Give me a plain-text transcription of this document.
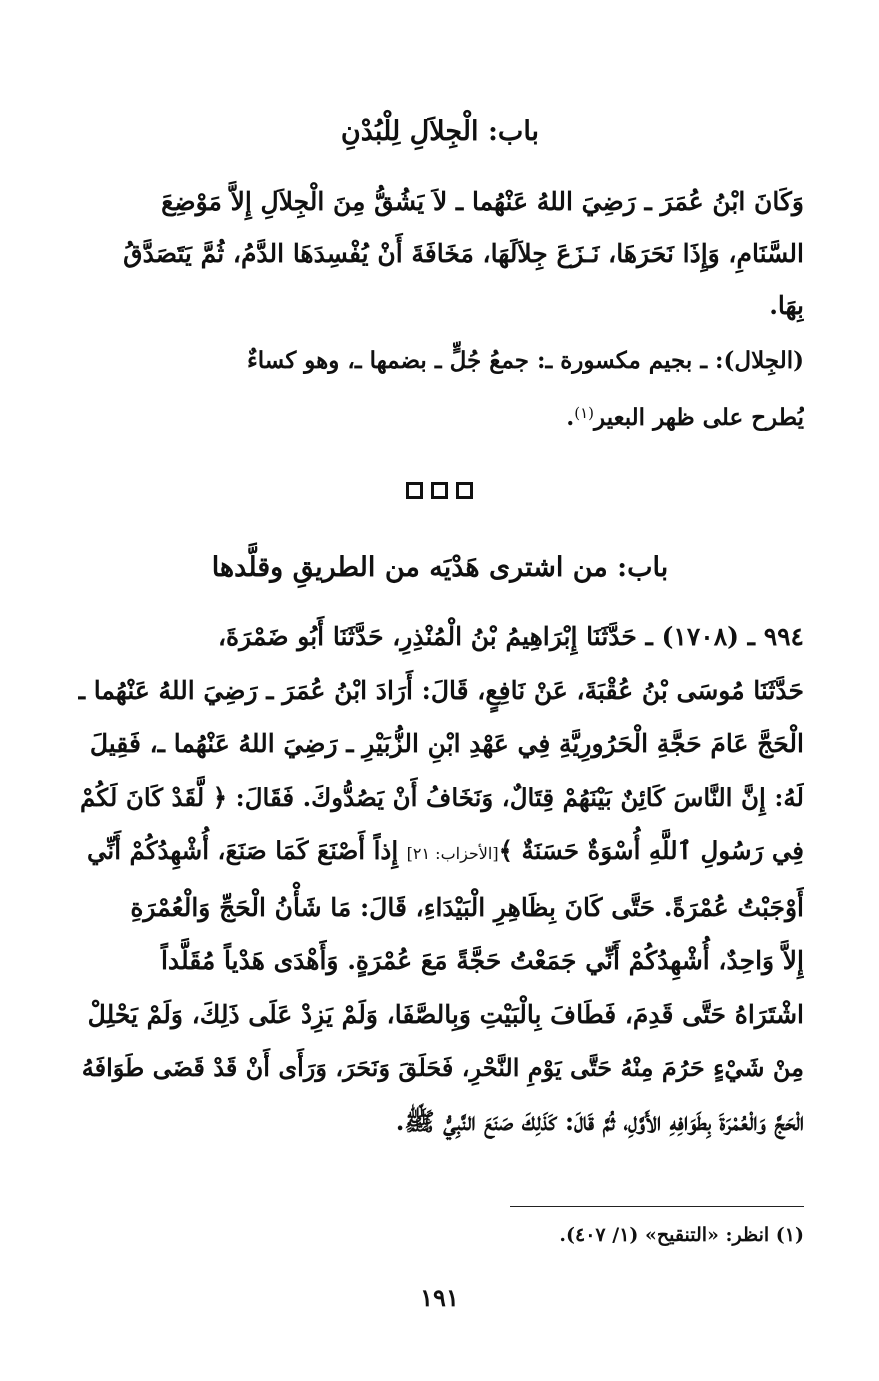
باب: الْجِلاَلِ لِلْبُدْنِ
وَكَانَ ابْنُ عُمَرَ ـ رَضِيَ اللهُ عَنْهُما ـ لاَ يَشُقُّ مِنَ الْجِلاَلِ إِلاَّ مَوْضِعَ
السَّنَامِ، وَإِذَا نَحَرَهَا، نَـزَعَ جِلاَلَهَا، مَخَافَةَ أَنْ يُفْسِدَهَا الدَّمُ، ثُمَّ يَتَصَدَّقُ
بِهَا.
(الجِلال): ـ بجيم مكسورة ـ: جمعُ جُلٍّ ـ بضمها ـ، وهو كساءٌ
يُطرح على ظهر البعير$^{(١)}$.
باب: من اشترى هَدْيَه من الطريقِ وقلَّدها
٩٩٤ ـ (١٧٠٨) ـ حَدَّثَنَا إِبْرَاهِيمُ بْنُ الْمُنْذِرِ، حَدَّثَنَا أَبُو ضَمْرَةَ،
حَدَّثَنَا مُوسَى بْنُ عُقْبَةَ، عَنْ نَافِعٍ، قَالَ: أَرَادَ ابْنُ عُمَرَ ـ رَضِيَ اللهُ عَنْهُما ـ
الْحَجَّ عَامَ حَجَّةِ الْحَرُورِيَّةِ فِي عَهْدِ ابْنِ الزُّبَيْرِ ـ رَضِيَ اللهُ عَنْهُما ـ، فَقِيلَ
لَهُ: إِنَّ النَّاسَ كَائِنٌ بَيْنَهُمْ قِتَالٌ، وَنَخَافُ أَنْ يَصُدُّوكَ. فَقَالَ: ﴿ لَّقَدْ كَانَ لَكُمْ
فِي رَسُولِ ٱللَّهِ أُسْوَةٌ حَسَنَةٌ ﴾[الأحزاب: ٢١] إِذاً أَصْنَعَ كَمَا صَنَعَ، أُشْهِدُكُمْ أَنِّي
أَوْجَبْتُ عُمْرَةً. حَتَّى كَانَ بِظَاهِرِ الْبَيْدَاءِ، قَالَ: مَا شَأْنُ الْحَجِّ وَالْعُمْرَةِ
إِلاَّ وَاحِدٌ، أُشْهِدُكُمْ أَنِّي جَمَعْتُ حَجَّةً مَعَ عُمْرَةٍ. وَأَهْدَى هَدْياً مُقَلَّداً
اشْتَرَاهُ حَتَّى قَدِمَ، فَطَافَ بِالْبَيْتِ وَبِالصَّفَا، وَلَمْ يَزِدْ عَلَى ذَلِكَ، وَلَمْ يَحْلِلْ
مِنْ شَيْءٍ حَرُمَ مِنْهُ حَتَّى يَوْمِ النَّحْرِ، فَحَلَقَ وَنَحَرَ، وَرَأَى أَنْ قَدْ قَضَى طَوَافَهُ
الْحَجَّ وَالْعُمْرَةَ بِطَوَافِهِ الأَوَّلِ، ثُمَّ قَالَ: كَذَلِكَ صَنَعَ النَّبِيُّ ﷺ.
(١) انظر: «التنقيح» (١/ ٤٠٧).
١٩١
